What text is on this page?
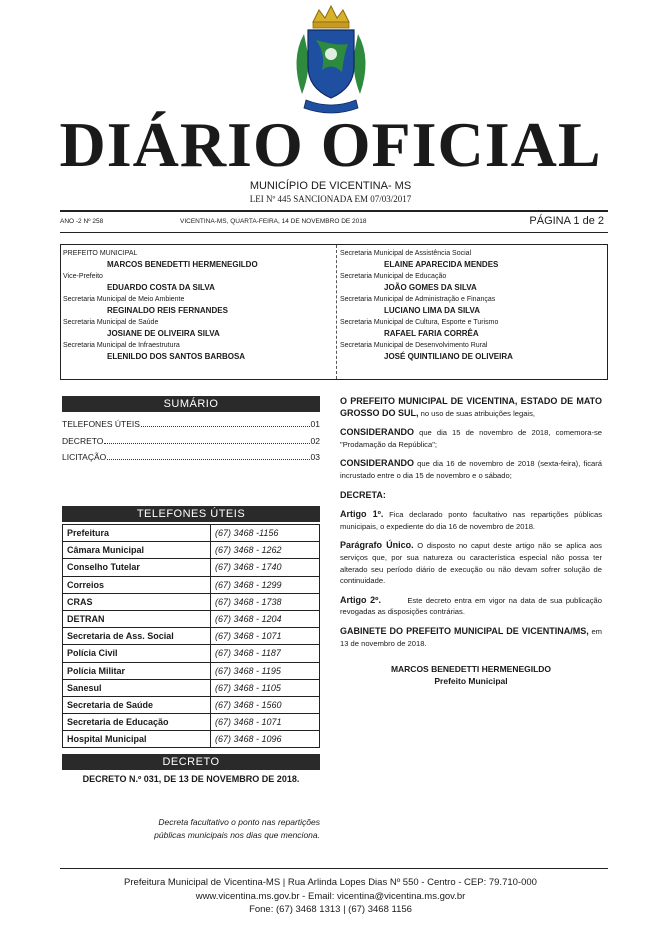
DIÁRIO OFICIAL
MUNICÍPIO DE VICENTINA- MS
LEI Nº 445 SANCIONADA EM 07/03/2017
ANO -2 Nº 258	VICENTINA-MS, QUARTA-FEIRA, 14 DE NOVEMBRO DE 2018	PÁGINA 1 de 2
PREFEITO MUNICIPAL
MARCOS BENEDETTI HERMENEGILDO
Vice-Prefeito
EDUARDO COSTA DA SILVA
Secretaria Municipal de Meio Ambiente
REGINALDO REIS FERNANDES
Secretaria Municipal de Saúde
JOSIANE DE OLIVEIRA SILVA
Secretaria Municipal de Infraestrutura
ELENILDO DOS SANTOS BARBOSA
Secretaria Municipal de Assistência Social
ELAINE APARECIDA MENDES
Secretaria Municipal de Educação
JOÃO GOMES DA SILVA
Secretaria Municipal de Administração e Finanças
LUCIANO LIMA DA SILVA
Secretaria Municipal de Cultura, Esporte e Turismo
RAFAEL FARIA CORRÊA
Secretaria Municipal de Desenvolvimento Rural
JOSÉ QUINTILIANO DE OLIVEIRA
SUMÁRIO
TELEFONES ÚTEIS	01
DECRETO	02
LICITAÇÃO	03
TELEFONES ÚTEIS
Prefeitura	(67) 3468 -1156
Câmara Municipal	(67) 3468 - 1262
Conselho Tutelar	(67) 3468 - 1740
Correios	(67) 3468 - 1299
CRAS	(67) 3468 - 1738
DETRAN	(67) 3468 - 1204
Secretaria de Ass. Social	(67) 3468 - 1071
Polícia Civil	(67) 3468 - 1187
Polícia Militar	(67) 3468 - 1195
Sanesul	(67) 3468 - 1105
Secretaria de Saúde	(67) 3468 - 1560
Secretaria de Educação	(67) 3468 - 1071
Hospital Municipal	(67) 3468 - 1096
DECRETO
DECRETO N.º 031, DE 13 DE NOVEMBRO DE 2018.
Decreta facultativo o ponto nas repartições públicas municipais nos dias que menciona.

O PREFEITO MUNICIPAL DE VICENTINA, ESTADO DE MATO GROSSO DO SUL, no uso de suas atribuições legais,

CONSIDERANDO que dia 15 de novembro de 2018, comemora-se "Prodamação da República";

CONSIDERANDO que dia 16 de novembro de 2018 (sexta-feira), ficará incrustado entre o dia 15 de novembro e o sábado;

DECRETA:

Artigo 1º. Fica declarado ponto facultativo nas repartições públicas municipais, o expediente do dia 16 de novembro de 2018.

Parágrafo Único. O disposto no caput deste artigo não se aplica aos serviços que, por sua natureza ou característica especial não possa ter alterado seu período diário de execução ou não devam sofrer solução de continuidade.

Artigo 2º.        Este decreto entra em vigor na data de sua publicação revogadas as disposições contrárias.

GABINETE DO PREFEITO MUNICIPAL DE VICENTINA/MS, em 13 de novembro de 2018.

MARCOS BENEDETTI HERMENEGILDO
Prefeito Municipal
Prefeitura Municipal de Vicentina-MS | Rua Arlinda Lopes Dias Nº 550 - Centro - CEP: 79.710-000
www.vicentina.ms.gov.br - Email: vicentina@vicentina.ms.gov.br
Fone: (67) 3468 1313 | (67) 3468 1156
